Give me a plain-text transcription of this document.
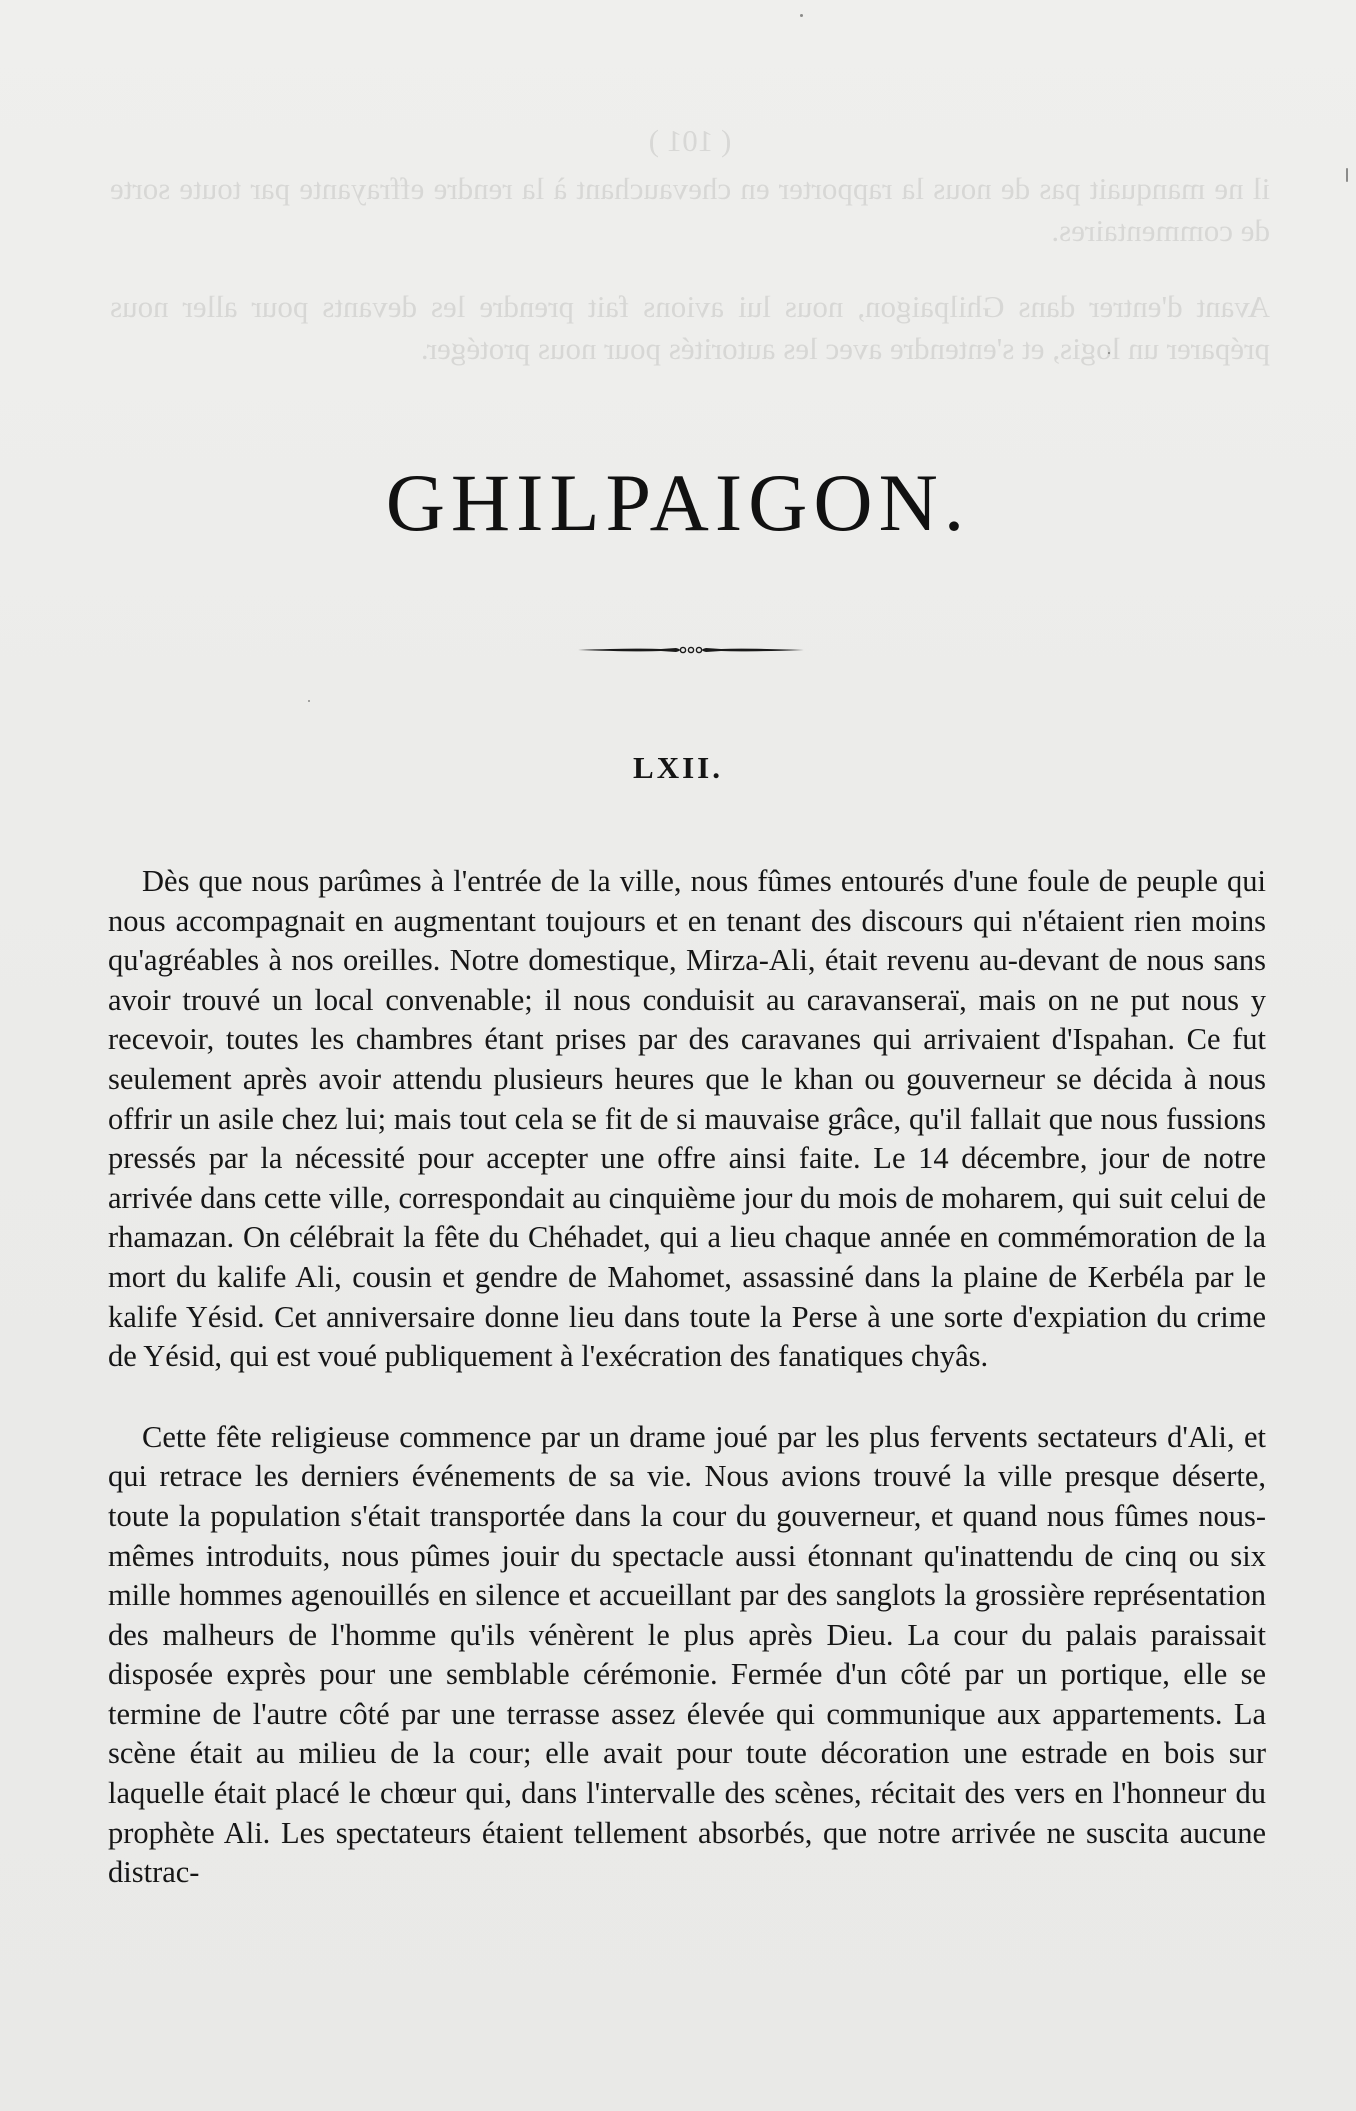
( 101 )

il ne manquait pas de nous la rapporter en chevauchant à la rendre effrayante par toute sorte de commentaires.

Avant d'entrer dans Ghilpaigon, nous lui avions fait prendre les devants pour aller nous préparer un logis, et s'entendre avec les autorités pour nous protéger.

GHILPAIGON.
LXII.

Dès que nous parûmes à l'entrée de la ville, nous fûmes entourés d'une foule de peuple qui nous accompagnait en augmentant toujours et en tenant des discours qui n'étaient rien moins qu'agréables à nos oreilles. Notre domestique, Mirza-Ali, était revenu au-devant de nous sans avoir trouvé un local convenable; il nous conduisit au caravanseraï, mais on ne put nous y recevoir, toutes les chambres étant prises par des caravanes qui arrivaient d'Ispahan. Ce fut seulement après avoir attendu plusieurs heures que le khan ou gouverneur se décida à nous offrir un asile chez lui; mais tout cela se fit de si mauvaise grâce, qu'il fallait que nous fussions pressés par la nécessité pour accepter une offre ainsi faite. Le 14 décembre, jour de notre arrivée dans cette ville, correspondait au cinquième jour du mois de moharem, qui suit celui de rhamazan. On célébrait la fête du Chéhadet, qui a lieu chaque année en commémoration de la mort du kalife Ali, cousin et gendre de Mahomet, assassiné dans la plaine de Kerbéla par le kalife Yésid. Cet anniversaire donne lieu dans toute la Perse à une sorte d'expiation du crime de Yésid, qui est voué publiquement à l'exécration des fanatiques chyâs.

Cette fête religieuse commence par un drame joué par les plus fervents sectateurs d'Ali, et qui retrace les derniers événements de sa vie. Nous avions trouvé la ville presque déserte, toute la population s'était transportée dans la cour du gouverneur, et quand nous fûmes nous-mêmes introduits, nous pûmes jouir du spectacle aussi étonnant qu'inattendu de cinq ou six mille hommes agenouillés en silence et accueillant par des sanglots la grossière représentation des malheurs de l'homme qu'ils vénèrent le plus après Dieu. La cour du palais paraissait disposée exprès pour une semblable cérémonie. Fermée d'un côté par un portique, elle se termine de l'autre côté par une terrasse assez élevée qui communique aux appartements. La scène était au milieu de la cour; elle avait pour toute décoration une estrade en bois sur laquelle était placé le chœur qui, dans l'intervalle des scènes, récitait des vers en l'honneur du prophète Ali. Les spectateurs étaient tellement absorbés, que notre arrivée ne suscita aucune distrac-
